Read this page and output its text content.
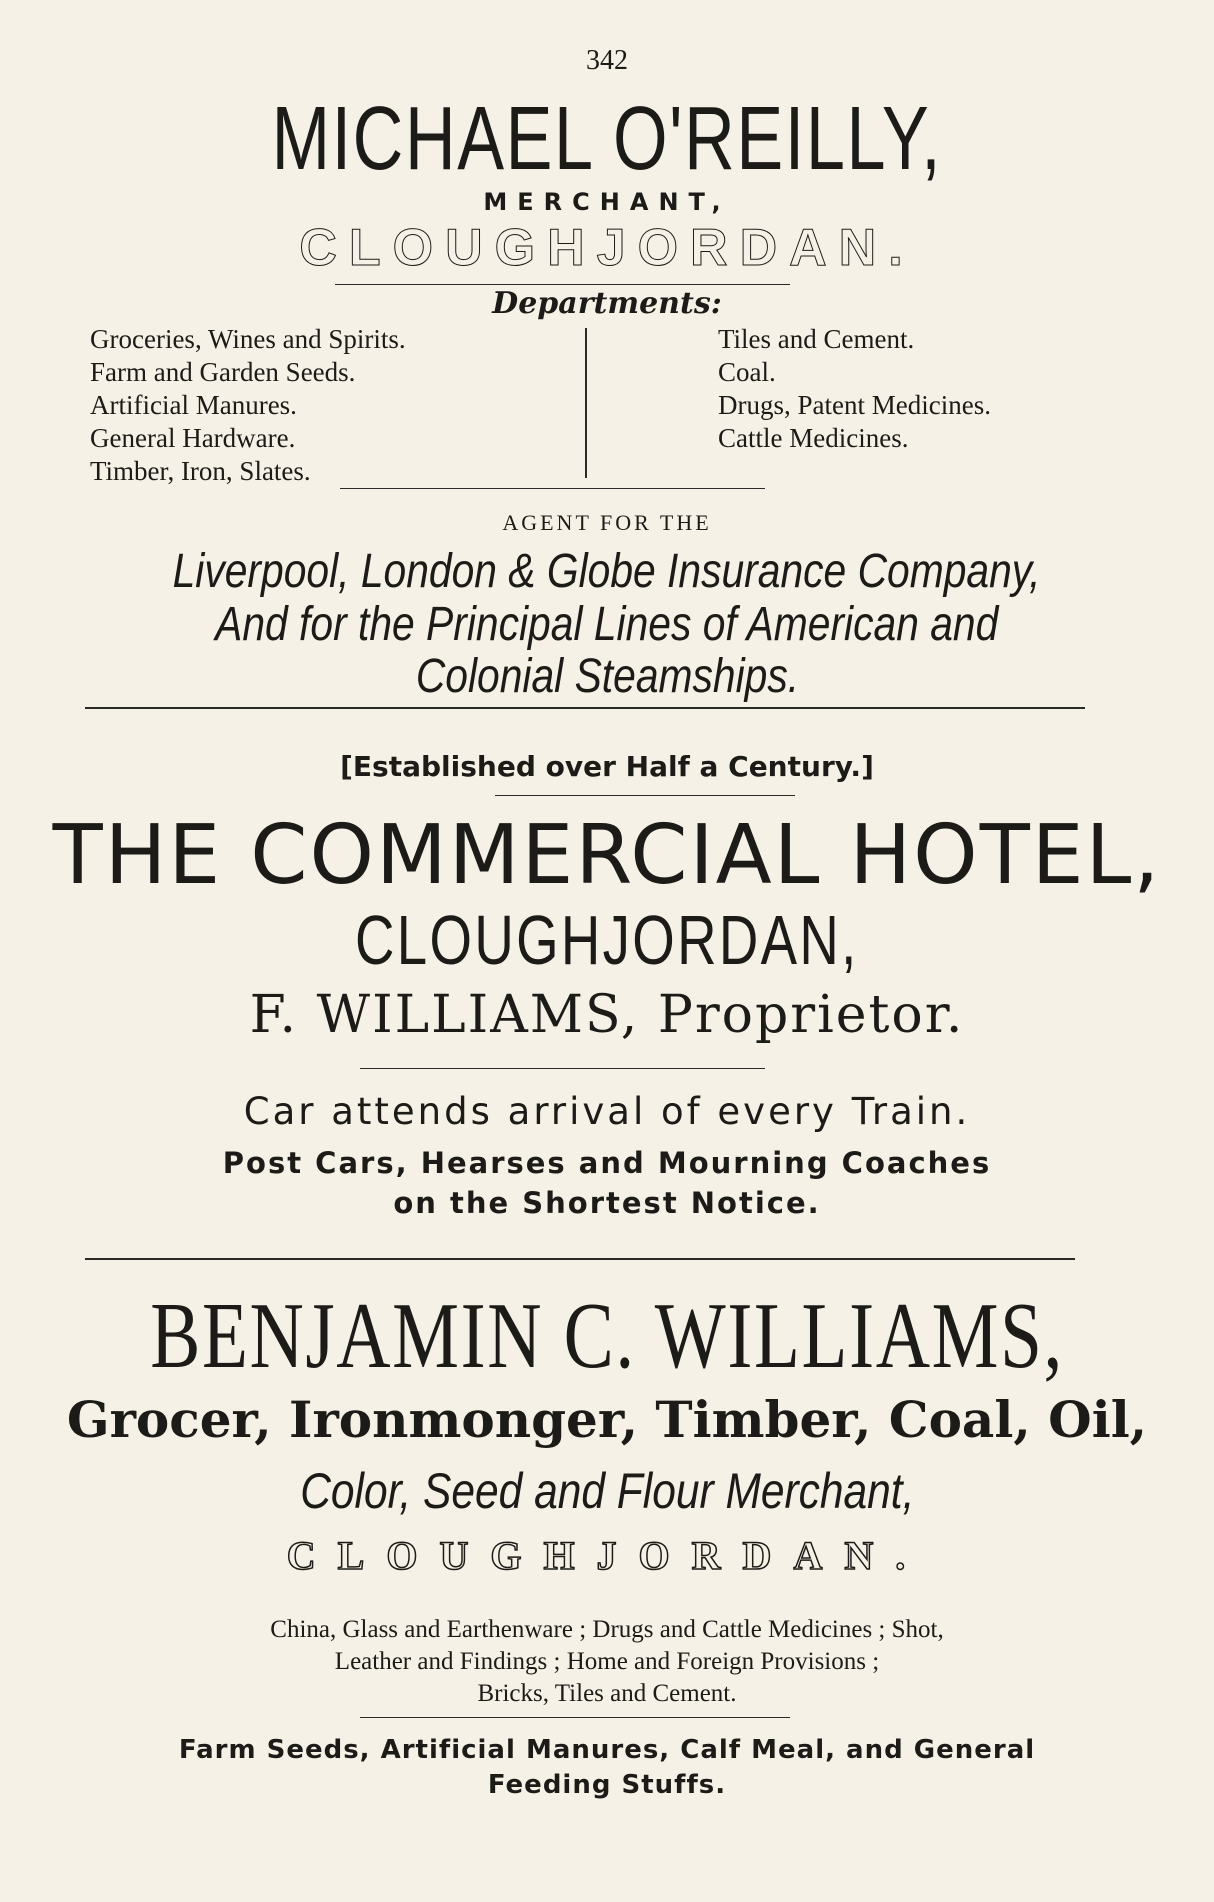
342
MICHAEL O'REILLY,
MERCHANT,
CLOUGHJORDAN.
Departments:
Groceries, Wines and Spirits.
Farm and Garden Seeds.
Artificial Manures.
General Hardware.
Timber, Iron, Slates.
Tiles and Cement.
Coal.
Drugs, Patent Medicines.
Cattle Medicines.
AGENT FOR THE
Liverpool, London & Globe Insurance Company,
And for the Principal Lines of American and
Colonial Steamships.
[Established over Half a Century.]
THE COMMERCIAL HOTEL,
CLOUGHJORDAN,
F. WILLIAMS, Proprietor.
Car attends arrival of every Train.
Post Cars, Hearses and Mourning Coaches
on the Shortest Notice.
BENJAMIN C. WILLIAMS,
Grocer, Ironmonger, Timber, Coal, Oil,
Color, Seed and Flour Merchant,
CLOUGHJORDAN.
China, Glass and Earthenware ; Drugs and Cattle Medicines ; Shot,
Leather and Findings ; Home and Foreign Provisions ;
Bricks, Tiles and Cement.
Farm Seeds, Artificial Manures, Calf Meal, and General
Feeding Stuffs.
